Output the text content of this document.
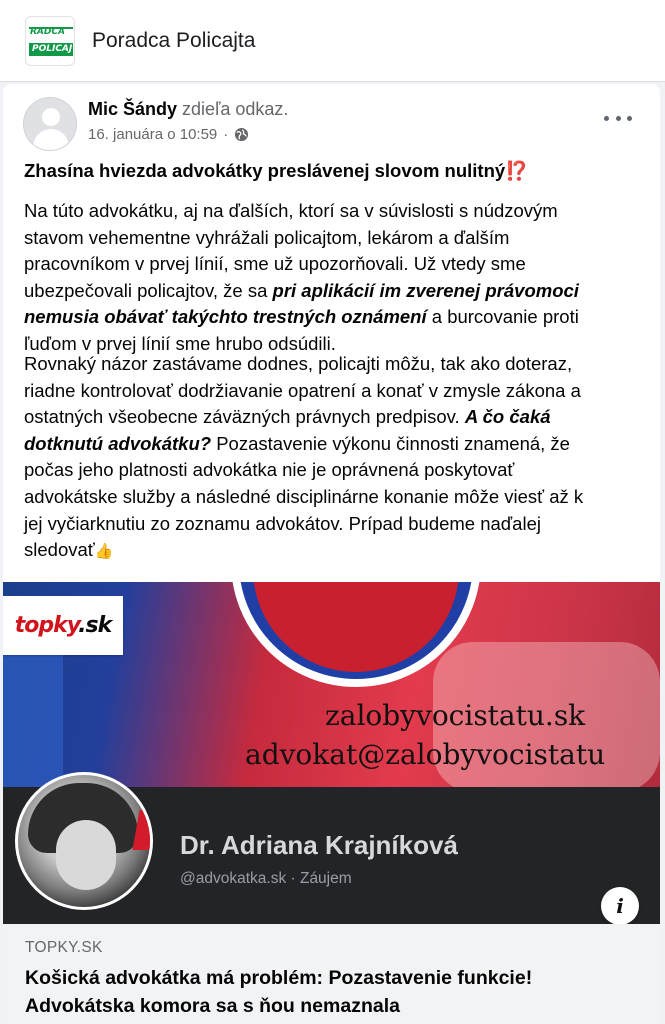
RADCA
POLICAJ Poradca Policajta
Mic Šándy zdieľa odkaz.
16. januára o 10:59 ·
Zhasína hviezda advokátky preslávenej slovom nulitný⁉️
Na túto advokátku, aj na ďalších, ktorí sa v súvislosti s núdzovým
stavom vehementne vyhrážali policajtom, lekárom a ďalším
pracovníkom v prvej línií, sme už upozorňovali. Už vtedy sme
ubezpečovali policajtov, že sa pri aplikácií im zverenej právomoci
nemusia obávať takýchto trestných oznámení a burcovanie proti
ľuďom v prvej línií sme hrubo odsúdili.
Rovnaký názor zastávame dodnes, policajti môžu, tak ako doteraz,
riadne kontrolovať dodržiavanie opatrení a konať v zmysle zákona a
ostatných všeobecne záväzných právnych predpisov. A čo čaká
dotknutú advokátku? Pozastavenie výkonu činnosti znamená, že
počas jeho platnosti advokátka nie je oprávnená poskytovať
advokátske služby a následné disciplinárne konanie môže viesť až k
jej vyčiarknutiu zo zoznamu advokátov. Prípad budeme naďalej
sledovať👍
topky.sk
zalobyvocistatu.sk
advokat@zalobyvocistatu
Dr. Adriana Krajníková
@advokatka.sk · Záujem
i
TOPKY.SK
Košická advokátka má problém: Pozastavenie funkcie!
Advokátska komora sa s ňou nemaznala
